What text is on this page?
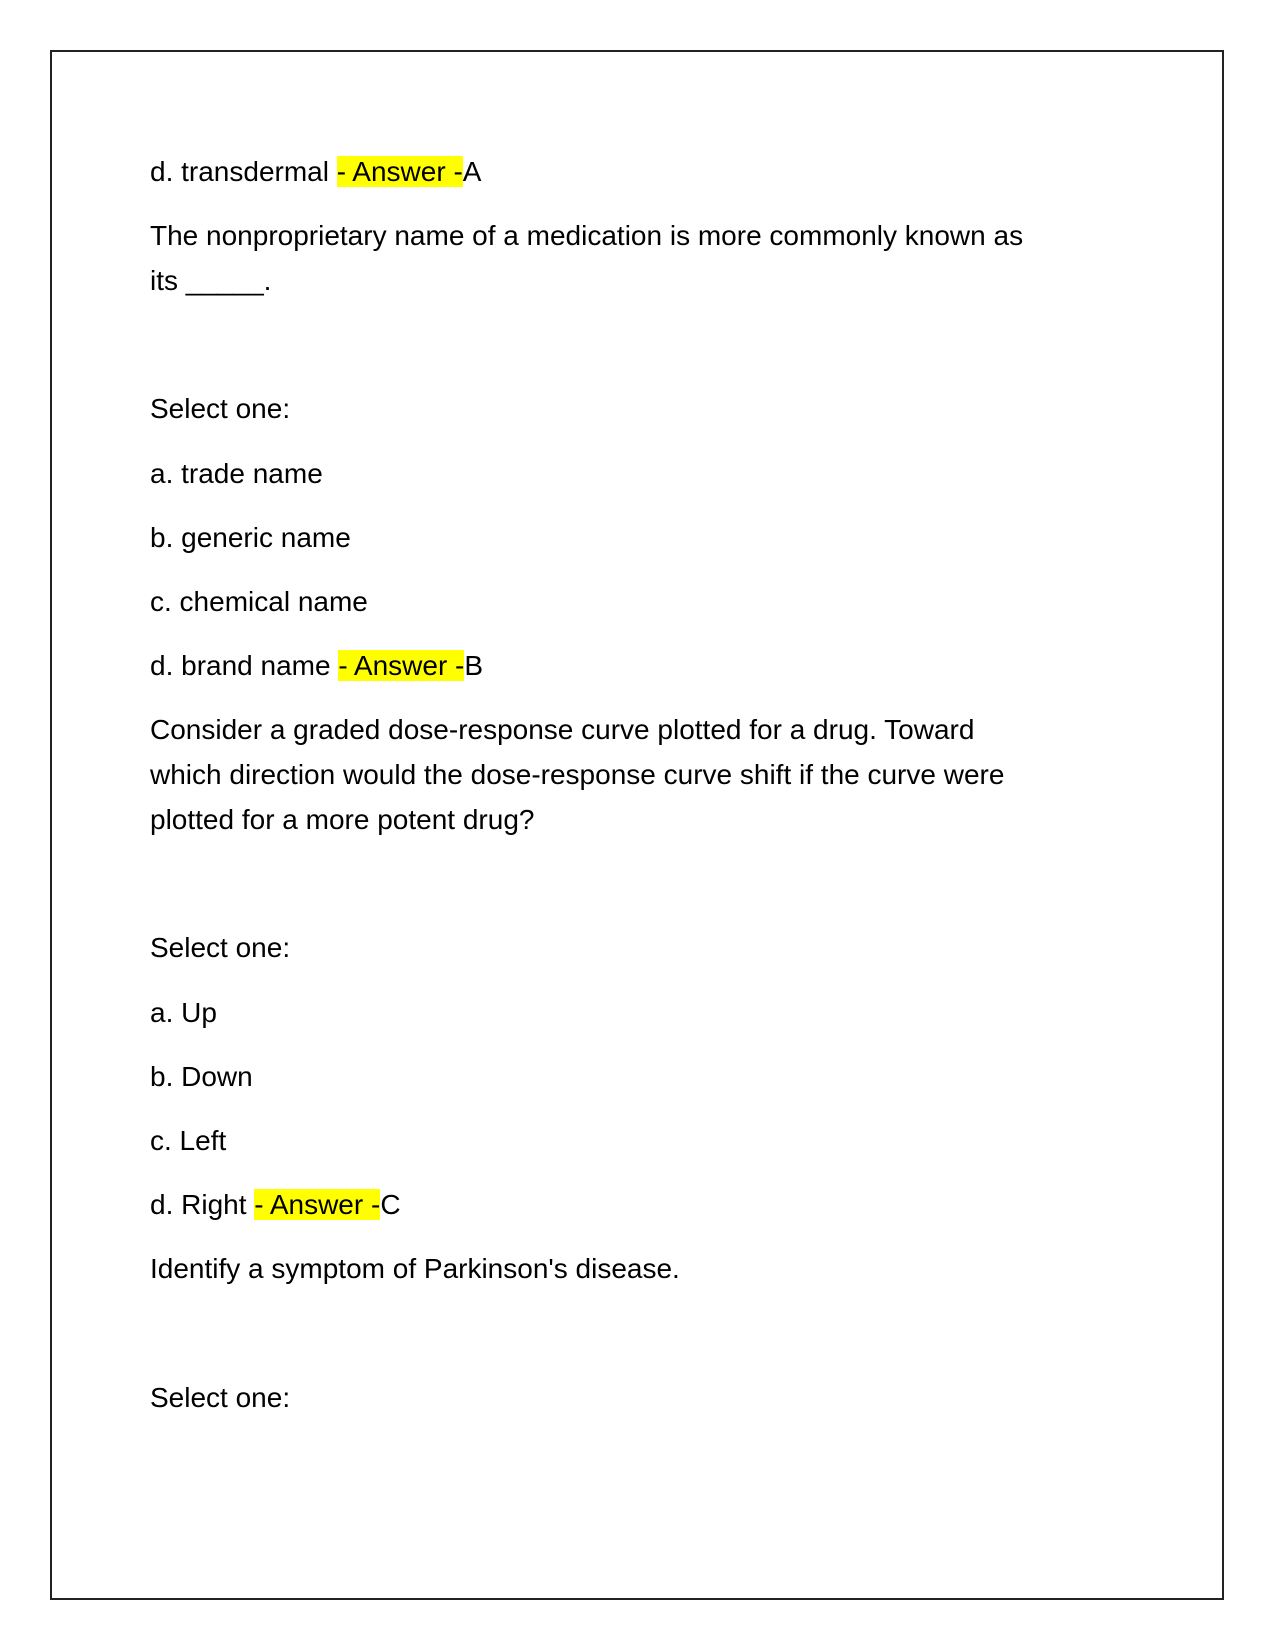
d. transdermal - Answer -A

The nonproprietary name of a medication is more commonly known as

its _____.

Select one:

a. trade name

b. generic name

c. chemical name

d. brand name - Answer -B

Consider a graded dose-response curve plotted for a drug. Toward

which direction would the dose-response curve shift if the curve were

plotted for a more potent drug?

Select one:

a. Up

b. Down

c. Left

d. Right - Answer -C

Identify a symptom of Parkinson's disease.

Select one:
